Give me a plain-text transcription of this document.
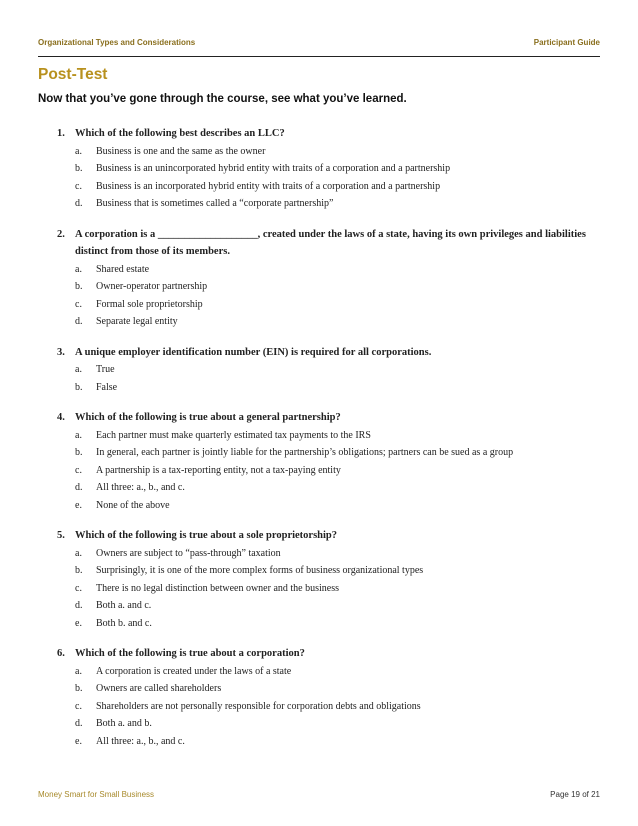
Organizational Types and Considerations	Participant Guide
Post-Test
Now that you’ve gone through the course, see what you’ve learned.
1. Which of the following best describes an LLC?
a. Business is one and the same as the owner
b. Business is an unincorporated hybrid entity with traits of a corporation and a partnership
c. Business is an incorporated hybrid entity with traits of a corporation and a partnership
d. Business that is sometimes called a “corporate partnership”
2. A corporation is a ___________________, created under the laws of a state, having its own privileges and liabilities distinct from those of its members.
a. Shared estate
b. Owner-operator partnership
c. Formal sole proprietorship
d. Separate legal entity
3. A unique employer identification number (EIN) is required for all corporations.
a. True
b. False
4. Which of the following is true about a general partnership?
a. Each partner must make quarterly estimated tax payments to the IRS
b. In general, each partner is jointly liable for the partnership’s obligations; partners can be sued as a group
c. A partnership is a tax-reporting entity, not a tax-paying entity
d. All three: a., b., and c.
e. None of the above
5. Which of the following is true about a sole proprietorship?
a. Owners are subject to “pass-through” taxation
b. Surprisingly, it is one of the more complex forms of business organizational types
c. There is no legal distinction between owner and the business
d. Both a. and c.
e. Both b. and c.
6. Which of the following is true about a corporation?
a. A corporation is created under the laws of a state
b. Owners are called shareholders
c. Shareholders are not personally responsible for corporation debts and obligations
d. Both a. and b.
e. All three: a., b., and c.
Money Smart for Small Business	Page 19 of 21
